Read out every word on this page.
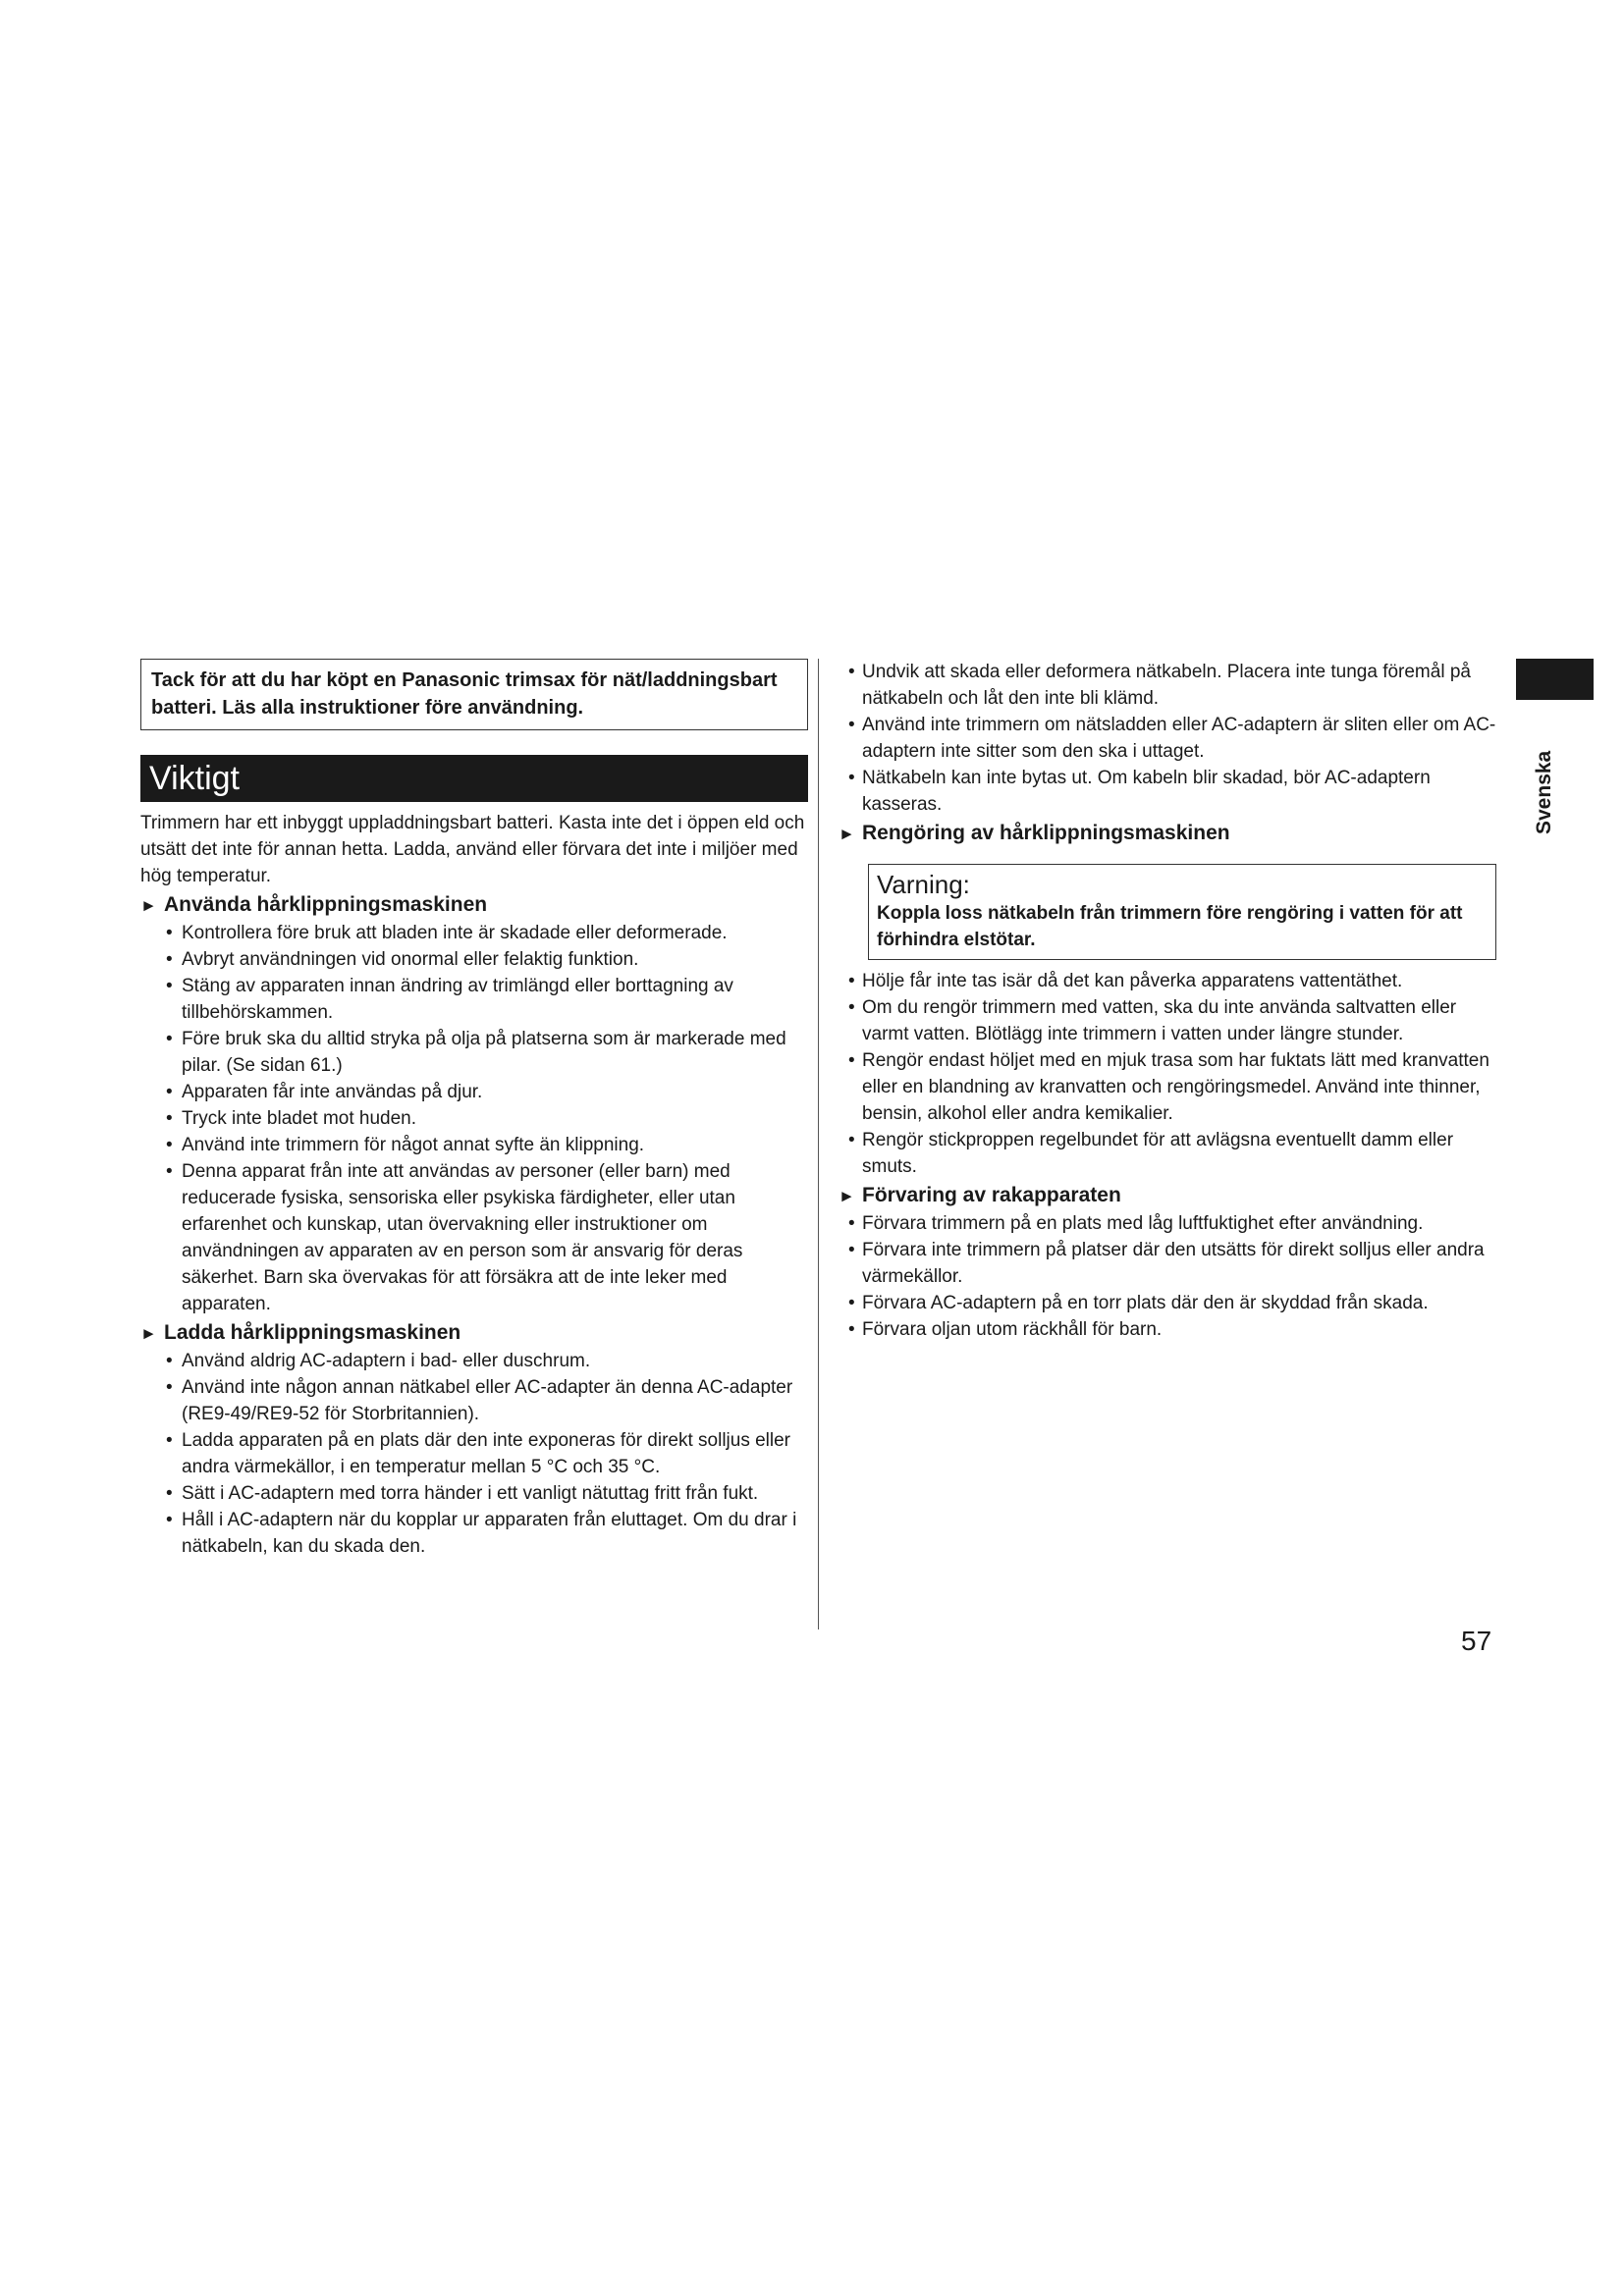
Tack för att du har köpt en Panasonic trimsax för nät/laddningsbart batteri. Läs alla instruktioner före användning.
Viktigt
Trimmern har ett inbyggt uppladdningsbart batteri. Kasta inte det i öppen eld och utsätt det inte för annan hetta. Ladda, använd eller förvara det inte i miljöer med hög temperatur.
► Använda hårklippningsmaskinen
• Kontrollera före bruk att bladen inte är skadade eller deformerade.
• Avbryt användningen vid onormal eller felaktig funktion.
• Stäng av apparaten innan ändring av trimlängd eller borttagning av tillbehörskammen.
• Före bruk ska du alltid stryka på olja på platserna som är markerade med pilar. (Se sidan 61.)
• Apparaten får inte användas på djur.
• Tryck inte bladet mot huden.
• Använd inte trimmern för något annat syfte än klippning.
• Denna apparat från inte att användas av personer (eller barn) med reducerade fysiska, sensoriska eller psykiska färdigheter, eller utan erfarenhet och kunskap, utan övervakning eller instruktioner om användningen av apparaten av en person som är ansvarig för deras säkerhet. Barn ska övervakas för att försäkra att de inte leker med apparaten.
► Ladda hårklippningsmaskinen
• Använd aldrig AC-adaptern i bad- eller duschrum.
• Använd inte någon annan nätkabel eller AC-adapter än denna AC-adapter (RE9-49/RE9-52 för Storbritannien).
• Ladda apparaten på en plats där den inte exponeras för direkt solljus eller andra värmekällor, i en temperatur mellan 5 °C och 35 °C.
• Sätt i AC-adaptern med torra händer i ett vanligt nätuttag fritt från fukt.
• Håll i AC-adaptern när du kopplar ur apparaten från eluttaget. Om du drar i nätkabeln, kan du skada den.
• Undvik att skada eller deformera nätkabeln. Placera inte tunga föremål på nätkabeln och låt den inte bli klämd.
• Använd inte trimmern om nätsladden eller AC-adaptern är sliten eller om AC-adaptern inte sitter som den ska i uttaget.
• Nätkabeln kan inte bytas ut. Om kabeln blir skadad, bör AC-adaptern kasseras.
► Rengöring av hårklippningsmaskinen
Varning:
Koppla loss nätkabeln från trimmern före rengöring i vatten för att förhindra elstötar.
• Hölje får inte tas isär då det kan påverka apparatens vattentäthet.
• Om du rengör trimmern med vatten, ska du inte använda saltvatten eller varmt vatten. Blötlägg inte trimmern i vatten under längre stunder.
• Rengör endast höljet med en mjuk trasa som har fuktats lätt med kranvatten eller en blandning av kranvatten och rengöringsmedel. Använd inte thinner, bensin, alkohol eller andra kemikalier.
• Rengör stickproppen regelbundet för att avlägsna eventuellt damm eller smuts.
► Förvaring av rakapparaten
• Förvara trimmern på en plats med låg luftfuktighet efter användning.
• Förvara inte trimmern på platser där den utsätts för direkt solljus eller andra värmekällor.
• Förvara AC-adaptern på en torr plats där den är skyddad från skada.
• Förvara oljan utom räckhåll för barn.
Svenska
57
